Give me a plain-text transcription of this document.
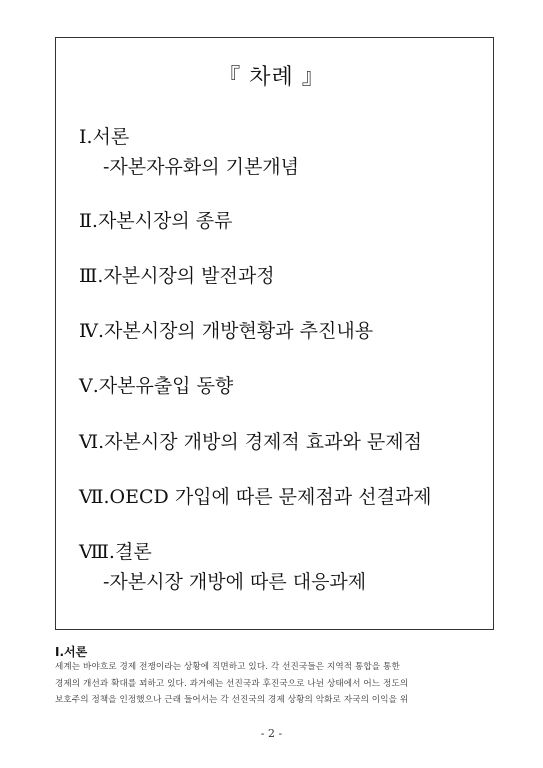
『 차례 』
Ⅰ.서론
-자본자유화의 기본개념
Ⅱ.자본시장의 종류
Ⅲ.자본시장의 발전과정
Ⅳ.자본시장의 개방현황과 추진내용
Ⅴ.자본유출입 동향
Ⅵ.자본시장 개방의 경제적 효과와 문제점
Ⅶ.OECD 가입에 따른 문제점과 선결과제
Ⅷ.결론
-자본시장 개방에 따른 대응과제
Ⅰ.서론
세계는 바야흐로 경제 전쟁이라는 상황에 직면하고 있다. 각 선진국들은 지역적 통합을 통한
경제의 개선과 확대를 꾀하고 있다. 과거에는 선진국과 후진국으로 나뉜 상태에서 어느 정도의
보호주의 정책을 인정했으나 근래 들어서는 각 선진국의 경제 상황의 악화로 자국의 이익을 위
- 2 -
